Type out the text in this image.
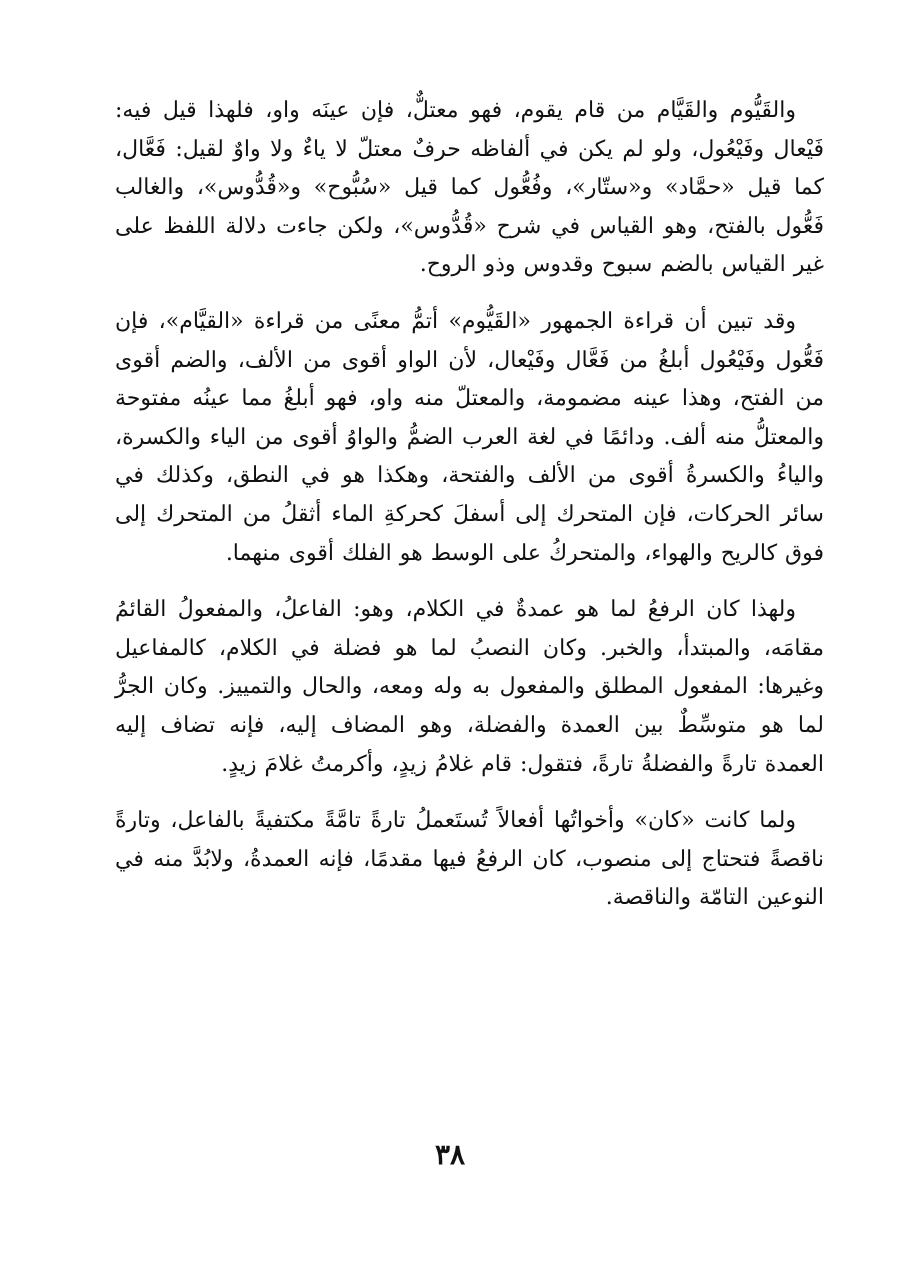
والقَيُّوم والقَيَّام من قام يقوم، فهو معتلٌّ، فإن عينَه واو، فلهذا قيل فيه: فَيْعال وفَيْعُول، ولو لم يكن في ألفاظه حرفٌ معتلّ لا ياءٌ ولا واوٌ لقيل: فَعَّال، كما قيل «حمَّاد» و«ستّار»، وفُعُّول كما قيل «سُبُّوح» و«قُدُّوس»، والغالب فَعُّول بالفتح، وهو القياس في شرح «قُدُّوس»، ولكن جاءت دلالة اللفظ على غير القياس بالضم سبوح وقدوس وذو الروح.

وقد تبين أن قراءة الجمهور «القَيُّوم» أتمُّ معنًى من قراءة «القيَّام»، فإن فَعُّول وفَيْعُول أبلغُ من فَعَّال وفَيْعال، لأن الواو أقوى من الألف، والضم أقوى من الفتح، وهذا عينه مضمومة، والمعتلّ منه واو، فهو أبلغُ مما عينُه مفتوحة والمعتلُّ منه ألف. ودائمًا في لغة العرب الضمُّ والواوُ أقوى من الياء والكسرة، والياءُ والكسرةُ أقوى من الألف والفتحة، وهكذا هو في النطق، وكذلك في سائر الحركات، فإن المتحرك إلى أسفلَ كحركةِ الماء أثقلُ من المتحرك إلى فوق كالريح والهواء، والمتحركُ على الوسط هو الفلك أقوى منهما.

ولهذا كان الرفعُ لما هو عمدةٌ في الكلام، وهو: الفاعلُ، والمفعولُ القائمُ مقامَه، والمبتدأ، والخبر. وكان النصبُ لما هو فضلة في الكلام، كالمفاعيل وغيرها: المفعول المطلق والمفعول به وله ومعه، والحال والتمييز. وكان الجرُّ لما هو متوسِّطٌ بين العمدة والفضلة، وهو المضاف إليه، فإنه تضاف إليه العمدة تارةً والفضلةُ تارةً، فتقول: قام غلامُ زيدٍ، وأكرمتُ غلامَ زيدٍ.

ولما كانت «كان» وأخواتُها أفعالاً تُستَعملُ تارةً تامَّةً مكتفيةً بالفاعل، وتارةً ناقصةً فتحتاج إلى منصوب، كان الرفعُ فيها مقدمًا، فإنه العمدةُ، ولابُدَّ منه في النوعين التامّة والناقصة.

٣٨
